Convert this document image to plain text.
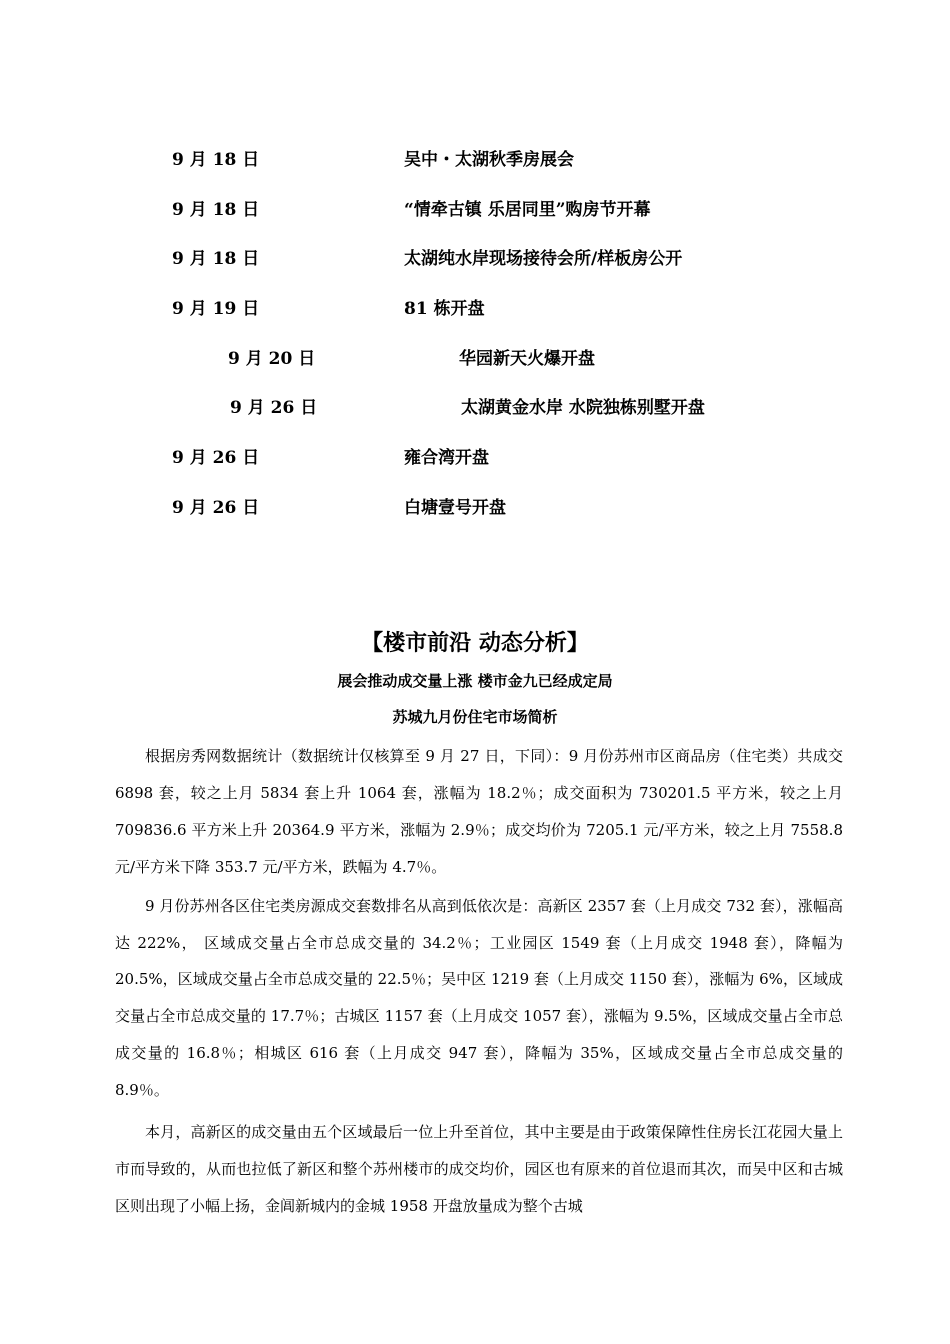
9 月 18 日	吴中・太湖秋季房展会
9 月 18 日	“情牵古镇 乐居同里”购房节开幕
9 月 18 日	太湖纯水岸现场接待会所/样板房公开
9 月 19 日	81 栋开盘
9 月 20 日	华园新天火爆开盘
9 月 26 日	太湖黄金水岸 水院独栋别墅开盘
9 月 26 日	雍合湾开盘
9 月 26 日	白塘壹号开盘
【楼市前沿 动态分析】
展会推动成交量上涨 楼市金九已经成定局
苏城九月份住宅市场简析

根据房秀网数据统计（数据统计仅核算至 9 月 27 日，下同）：9 月份苏州市区商品房（住宅类）共成交 6898 套，较之上月 5834 套上升 1064 套，涨幅为 18.2％；成交面积为 730201.5 平方米，较之上月 709836.6 平方米上升 20364.9 平方米，涨幅为 2.9％；成交均价为 7205.1 元/平方米，较之上月 7558.8 元/平方米下降 353.7 元/平方米，跌幅为 4.7％。

9 月份苏州各区住宅类房源成交套数排名从高到低依次是：高新区 2357 套（上月成交 732 套），涨幅高达 222%， 区域成交量占全市总成交量的 34.2％；工业园区 1549 套（上月成交 1948 套），降幅为 20.5%，区域成交量占全市总成交量的 22.5％；吴中区 1219 套（上月成交 1150 套），涨幅为 6%，区域成交量占全市总成交量的 17.7％；古城区 1157 套（上月成交 1057 套），涨幅为 9.5%，区域成交量占全市总成交量的 16.8％；相城区 616 套（上月成交 947 套），降幅为 35%，区域成交量占全市总成交量的 8.9％。

本月，高新区的成交量由五个区域最后一位上升至首位，其中主要是由于政策保障性住房长江花园大量上市而导致的，从而也拉低了新区和整个苏州楼市的成交均价，园区也有原来的首位退而其次，而吴中区和古城区则出现了小幅上扬，金阊新城内的金城 1958 开盘放量成为整个古城
